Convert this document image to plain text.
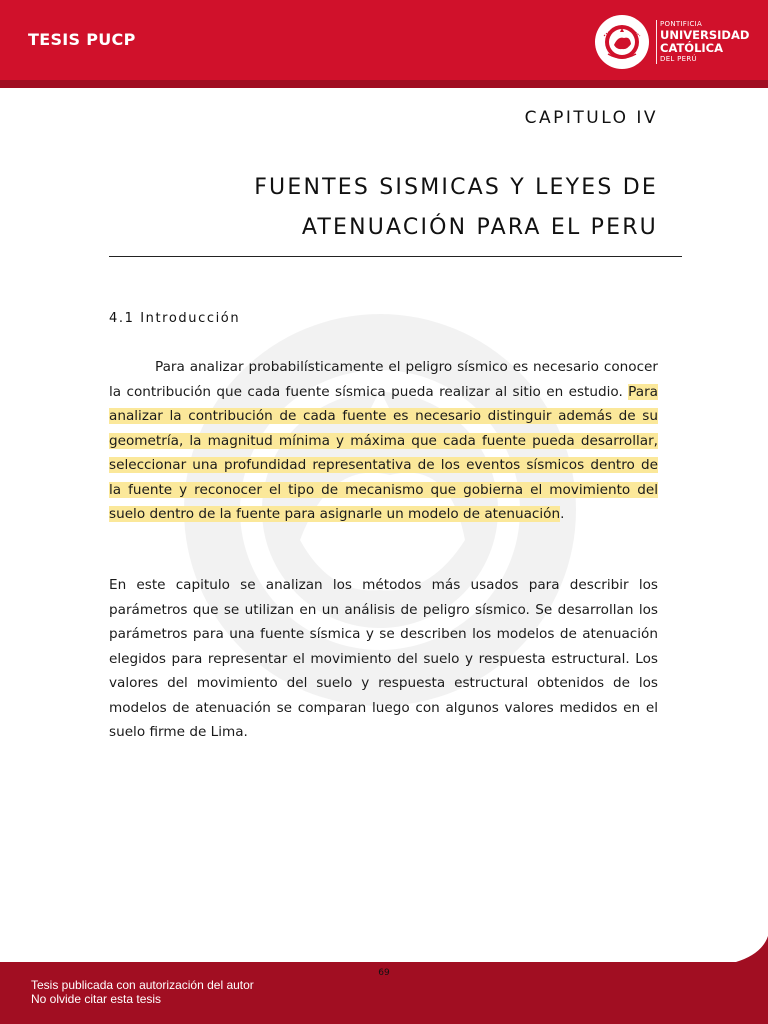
TESIS PUCP
PONTIFICIA
UNIVERSIDAD
CATÓLICA
DEL PERÚ
CAPITULO IV
FUENTES SISMICAS Y LEYES DE
ATENUACIÓN PARA EL PERU
4.1 Introducción
Para analizar probabilísticamente el peligro sísmico es necesario conocer la contribución que cada fuente sísmica pueda realizar al sitio en estudio. Para analizar la contribución de cada fuente es necesario distinguir además de su geometría, la magnitud mínima y máxima que cada fuente pueda desarrollar, seleccionar una profundidad representativa de los eventos sísmicos dentro de la fuente y reconocer el tipo de mecanismo que gobierna el movimiento del suelo dentro de la fuente para asignarle un modelo de atenuación.
En este capitulo se analizan los métodos más usados para describir los parámetros que se utilizan en un análisis de peligro sísmico. Se desarrollan los parámetros para una fuente sísmica y se describen los modelos de atenuación elegidos para representar el movimiento del suelo y respuesta estructural. Los valores del movimiento del suelo y respuesta estructural obtenidos de los modelos de atenuación se comparan luego con algunos valores medidos en el suelo firme de Lima.
69
Tesis publicada con autorización del autor
No olvide citar esta tesis
